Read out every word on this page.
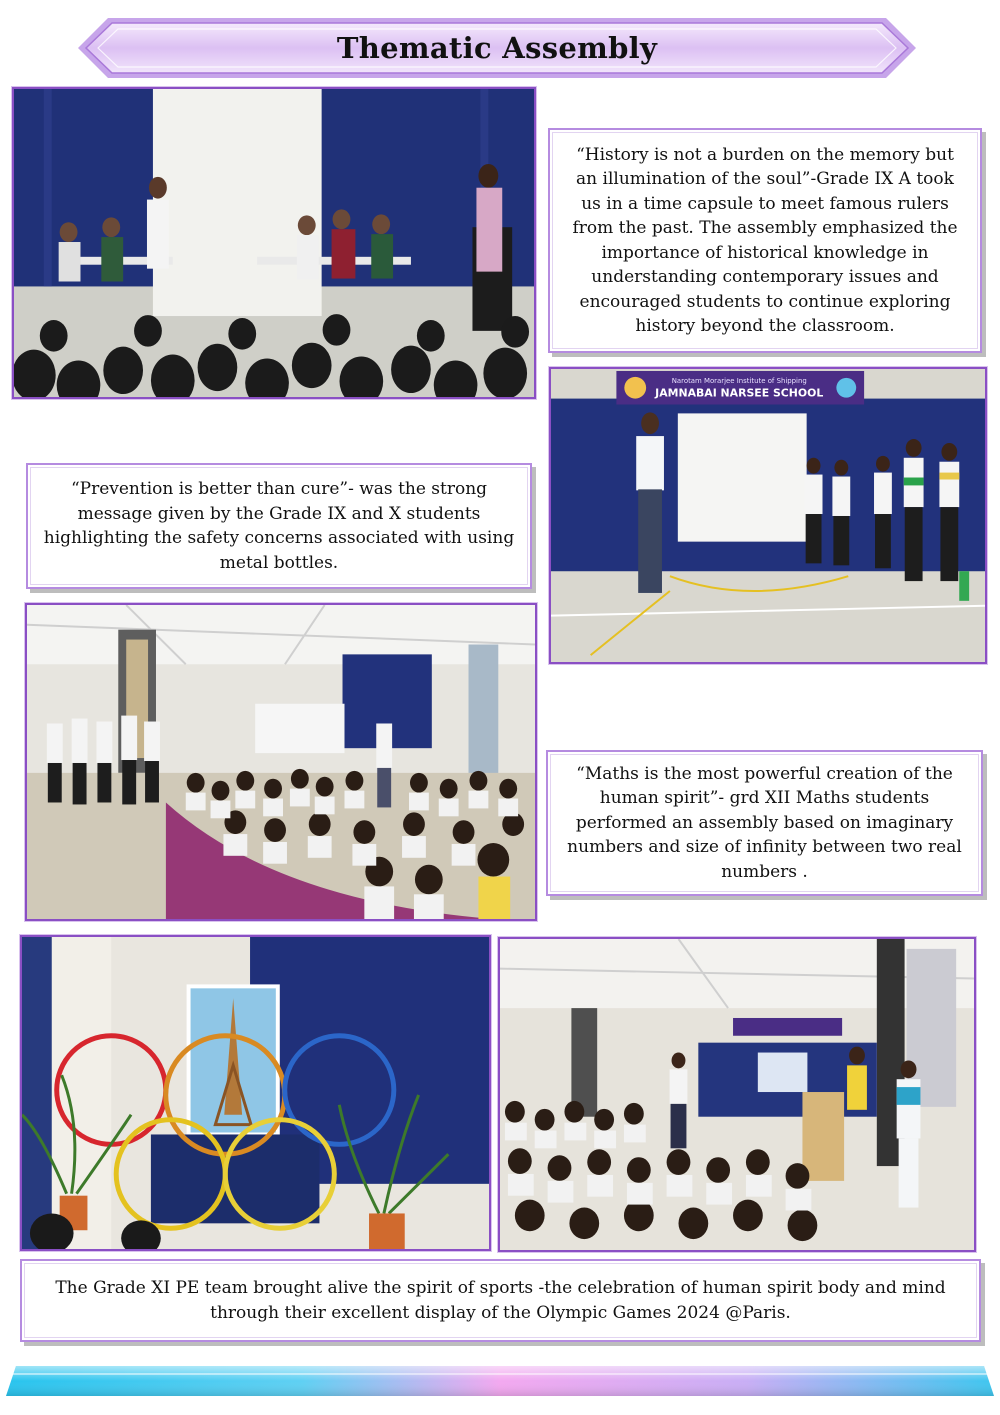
Thematic Assembly
“History is not a burden on the memory but an illumination of the soul”-Grade IX A took us in a time capsule to meet famous rulers from the past. The assembly emphasized the importance of historical knowledge in understanding contemporary issues and encouraged students to continue exploring history beyond the classroom.
Narotam Morarjee Institute of Shipping
JAMNABAI NARSEE SCHOOL
“Prevention is better than cure”- was the strong message given by the Grade IX and X students highlighting the safety concerns associated with using metal bottles.
“Maths is the most powerful creation of the human spirit”- grd XII Maths students performed an assembly based on imaginary numbers and size of infinity between two real numbers .
The Grade XI PE team brought alive the spirit of sports -the celebration of human spirit body and mind through their excellent display of the Olympic Games 2024 @Paris.
